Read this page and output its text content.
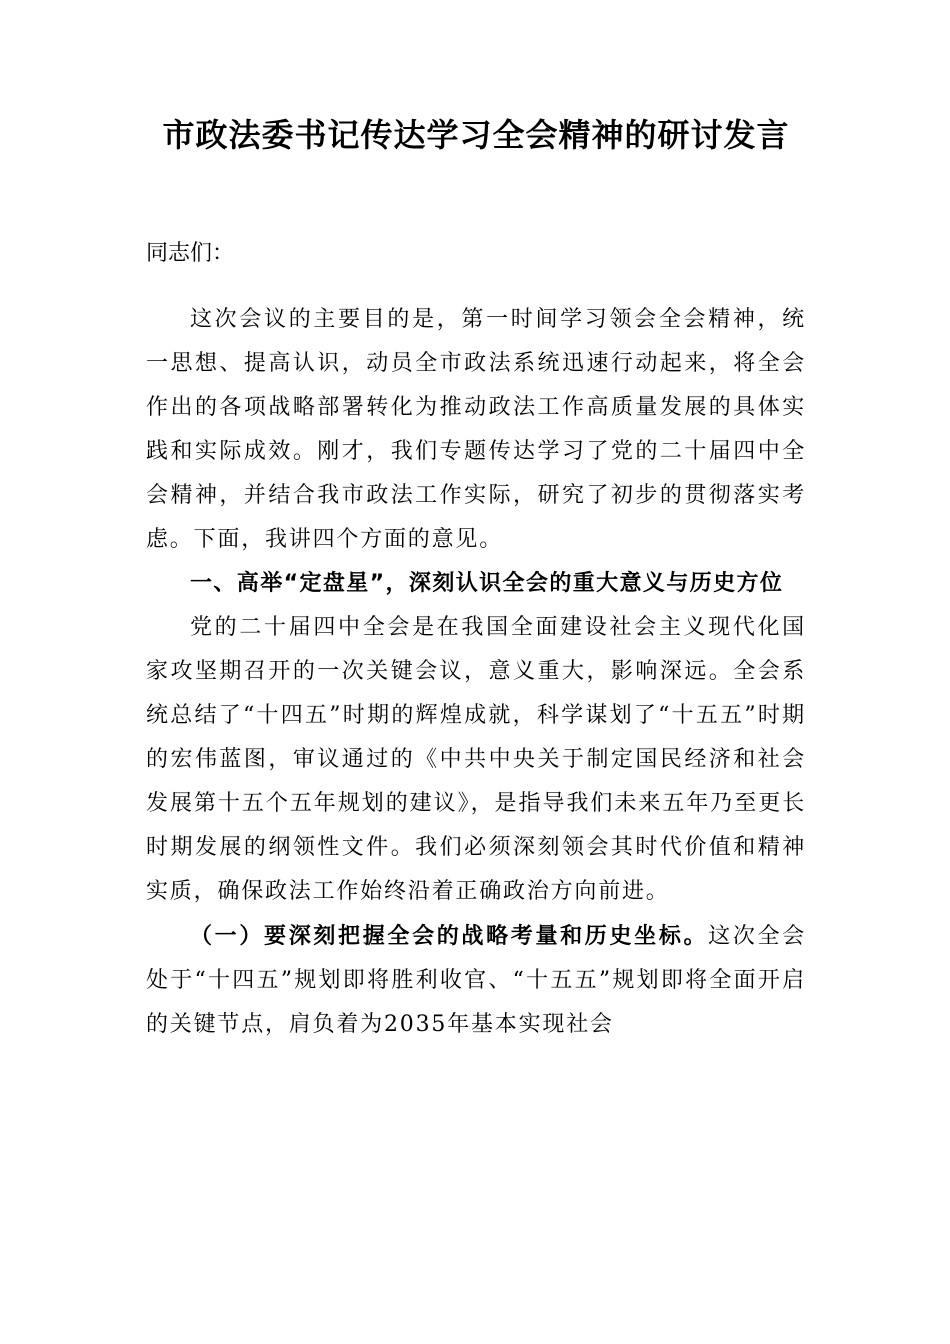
市政法委书记传达学习全会精神的研讨发言

同志们：

这次会议的主要目的是，第一时间学习领会全会精神，统一思想、提高认识，动员全市政法系统迅速行动起来，将全会作出的各项战略部署转化为推动政法工作高质量发展的具体实践和实际成效。刚才，我们专题传达学习了党的二十届四中全会精神，并结合我市政法工作实际，研究了初步的贯彻落实考虑。下面，我讲四个方面的意见。

一、高举“定盘星”，深刻认识全会的重大意义与历史方位

党的二十届四中全会是在我国全面建设社会主义现代化国家攻坚期召开的一次关键会议，意义重大，影响深远。全会系统总结了“十四五”时期的辉煌成就，科学谋划了“十五五”时期的宏伟蓝图，审议通过的《中共中央关于制定国民经济和社会发展第十五个五年规划的建议》，是指导我们未来五年乃至更长时期发展的纲领性文件。我们必须深刻领会其时代价值和精神实质，确保政法工作始终沿着正确政治方向前进。

（一）要深刻把握全会的战略考量和历史坐标。这次全会处于“十四五”规划即将胜利收官、“十五五”规划即将全面开启的关键节点，肩负着为2035年基本实现社会
